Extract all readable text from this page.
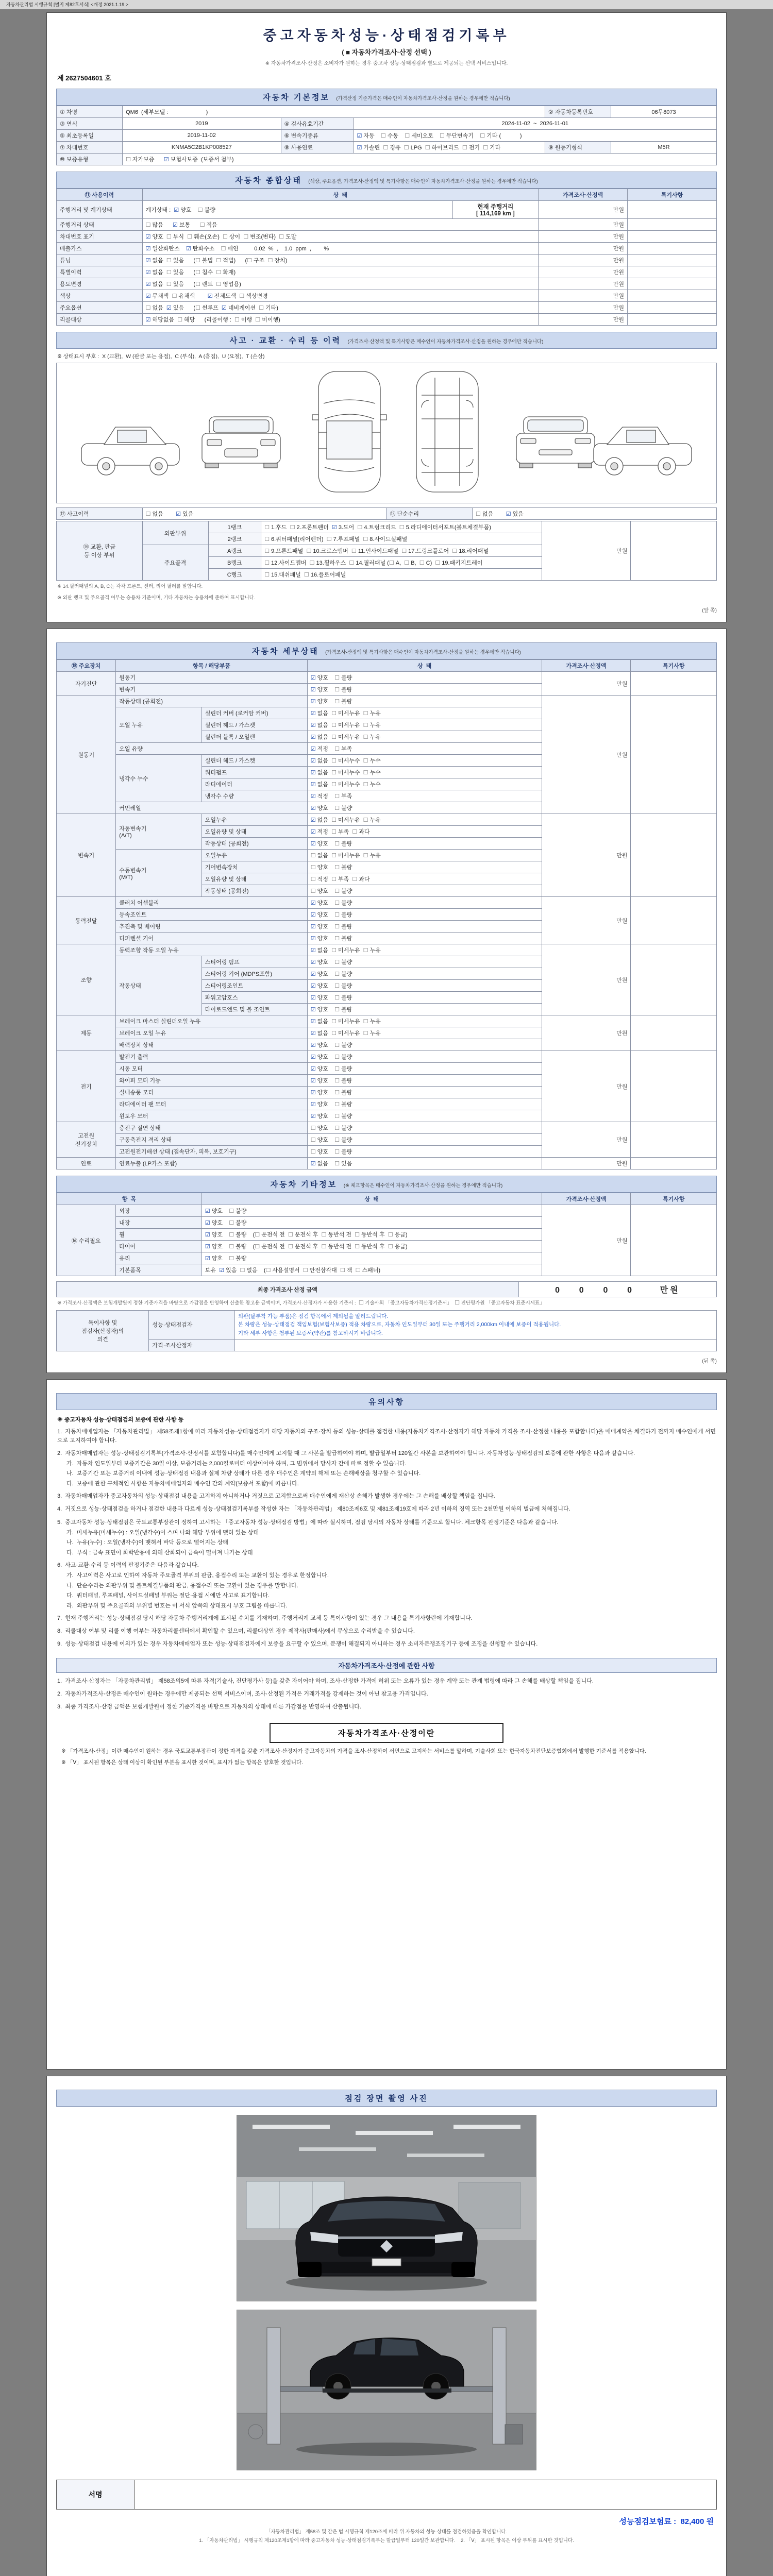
자동차관리법 시행규칙 [별지 제82호서식] <개정 2021.1.19.>
중고자동차성능·상태점검기록부
( ■ 자동차가격조사·산정 선택 )
※ 자동차가격조사·산정은 소비자가 원하는 경우 중고차 성능·상태점검과 별도로 제공되는 선택 서비스입니다.
제 2627504601 호
자동차 기본정보 (가격산정 기준가격은 매수인이 자동차가격조사·산정을 원하는 경우에만 적습니다)
① 차명	QM6  (세부모델 :                        )			② 자동차등록번호	06무8073
③ 연식	2019	④ 검사유효기간	2024-11-02  ~  2026-11-01		
⑤ 최초등록일	2019-11-02	⑥ 변속기종류	☑ 자동    ☐ 수동    ☐ 세미오토    ☐ 무단변속기    ☐ 기타 (            )		
⑦ 차대번호	KNMA5C2B1KP008527	⑧ 사용연료	☑ 가솔린  ☐ 경유  ☐ LPG  ☐ 하이브리드  ☐ 전기  ☐ 기타	⑨ 원동기형식	M5R
⑩ 보증유형	☐ 자가보증      ☑ 보험사보증  (보증서 첨부)				
자동차 종합상태 (색상, 주요옵션, 가격조사·산정액 및 특기사항은 매수인이 자동차가격조사·산정을 원하는 경우에만 적습니다)
⑪ 사용이력	상  태		가격조사·산정액	특기사항
주행거리 및 계기상태	계기상태 :  ☑ 양호    ☐ 불량	현재 주행거리
[ 114,169 km ]	만원	
주행거리 상태	☐ 많음      ☑ 보통      ☐ 적음		만원	
차대번호 표기	☑ 양호  ☐ 부식  ☐ 훼손(오손)  ☐ 상이  ☐ 변조(변타)  ☐ 도말		만원	
배출가스	☑ 일산화탄소    ☑ 탄화수소    ☐ 매연          0.02  %  ,    1.0  ppm  ,        %		만원	
튜닝	☑ 없음  ☐ 있음      (☐ 불법  ☐ 적법)      (☐ 구조  ☐ 장치)		만원	
특별이력	☑ 없음  ☐ 있음      (☐ 침수  ☐ 화재)		만원	
용도변경	☑ 없음  ☐ 있음      (☐ 렌트  ☐ 영업용)		만원	
색상	☑ 무채색  ☐ 유채색        ☑ 전체도색  ☐ 색상변경		만원	
주요옵션	☐ 없음  ☑ 있음      (☐ 썬루프  ☑ 네비게이션  ☐ 기타)		만원	
리콜대상	☑ 해당없음  ☐ 해당      (리콜이행 :  ☐ 이행  ☐ 미이행)		만원	
사고 · 교환 · 수리 등 이력 (가격조사·산정액 및 특기사항은 매수인이 자동차가격조사·산정을 원하는 경우에만 적습니다)
※ 상태표시 부호 :  X (교환),  W (판금 또는 용접),  C (부식),  A (흠집),  U (요철),  T (손상)
⑫ 사고이력	☐ 없음        ☑ 있음	⑬ 단순수리	☐ 없음        ☑ 있음
⑭ 교환, 판금
등 이상 부위	외판부위	1랭크	☐ 1.후드  ☐ 2.프론트펜더  ☑ 3.도어  ☐ 4.트렁크리드  ☐ 5.라디에이터서포트(볼트체결부품)	만원	
		2랭크	☐ 6.쿼터패널(리어펜더)  ☐ 7.루프패널  ☐ 8.사이드실패널		
	주요골격	A랭크	☐ 9.프론트패널  ☐ 10.크로스멤버  ☐ 11.인사이드패널  ☐ 17.트렁크플로어  ☐ 18.리어패널		
		B랭크	☐ 12.사이드멤버  ☐ 13.휠하우스  ☐ 14.필러패널 (☐ A,  ☐ B,  ☐ C)  ☐ 19.패키지트레이		
		C랭크	☐ 15.대쉬패널  ☐ 16.플로어패널		
※ 14.필러패널의 A, B, C는 각각 프론트, 센터, 리어 필러를 말합니다.
※ 외판 랭크 및 주요골격 여부는 승용차 기준이며, 기타 자동차는 승용차에 준하여 표시합니다.
(앞 쪽)
자동차 세부상태 (가격조사·산정액 및 특기사항은 매수인이 자동차가격조사·산정을 원하는 경우에만 적습니다)
⑮ 주요장치	항목 / 해당부품		상  태	가격조사·산정액	특기사항
자기진단	원동기		☑ 양호    ☐ 불량	만원	
	변속기		☑ 양호    ☐ 불량		
원동기	작동상태 (공회전)		☑ 양호    ☐ 불량	만원	
	오일 누유	실린더 커버 (로커암 커버)	☑ 없음  ☐ 미세누유  ☐ 누유		
		실린더 헤드 / 가스켓	☑ 없음  ☐ 미세누유  ☐ 누유		
		실린더 블록 / 오일팬	☑ 없음  ☐ 미세누유  ☐ 누유		
	오일 유량		☑ 적정    ☐ 부족		
	냉각수 누수	실린더 헤드 / 가스켓	☑ 없음  ☐ 미세누수  ☐ 누수		
		워터펌프	☑ 없음  ☐ 미세누수  ☐ 누수		
		라디에이터	☑ 없음  ☐ 미세누수  ☐ 누수		
		냉각수 수량	☑ 적정    ☐ 부족		
	커먼레일		☑ 양호    ☐ 불량		
변속기	자동변속기
(A/T)	오일누유	☑ 없음  ☐ 미세누유  ☐ 누유	만원	
		오일유량 및 상태	☑ 적정  ☐ 부족  ☐ 과다		
		작동상태 (공회전)	☑ 양호    ☐ 불량		
	수동변속기
(M/T)	오일누유	☐ 없음  ☐ 미세누유  ☐ 누유		
		기어변속장치	☐ 양호    ☐ 불량		
		오일유량 및 상태	☐ 적정  ☐ 부족  ☐ 과다		
		작동상태 (공회전)	☐ 양호    ☐ 불량		
동력전달	클러치 어셈블리		☑ 양호    ☐ 불량	만원	
	등속조인트		☑ 양호    ☐ 불량		
	추진축 및 베어링		☑ 양호    ☐ 불량		
	디퍼렌셜 기어		☑ 양호    ☐ 불량		
조향	동력조향 작동 오일 누유		☑ 없음  ☐ 미세누유  ☐ 누유	만원	
	작동상태	스티어링 펌프	☑ 양호    ☐ 불량		
		스티어링 기어 (MDPS포함)	☑ 양호    ☐ 불량		
		스티어링조인트	☑ 양호    ☐ 불량		
		파워고압호스	☑ 양호    ☐ 불량		
		타이로드엔드 및 볼 조인트	☑ 양호    ☐ 불량		
제동	브레이크 마스터 실린더오일 누유		☑ 없음  ☐ 미세누유  ☐ 누유	만원	
	브레이크 오일 누유		☑ 없음  ☐ 미세누유  ☐ 누유		
	배력장치 상태		☑ 양호    ☐ 불량		
전기	발전기 출력		☑ 양호    ☐ 불량	만원	
	시동 모터		☑ 양호    ☐ 불량		
	와이퍼 모터 기능		☑ 양호    ☐ 불량		
	실내송풍 모터		☑ 양호    ☐ 불량		
	라디에이터 팬 모터		☑ 양호    ☐ 불량		
	윈도우 모터		☑ 양호    ☐ 불량		
고전원
전기장치	충전구 절연 상태		☐ 양호    ☐ 불량	만원	
	구동축전지 격리 상태		☐ 양호    ☐ 불량		
	고전원전기배선 상태 (접속단자, 피복, 보호기구)		☐ 양호    ☐ 불량		
연료	연료누출 (LP가스 포함)		☑ 없음    ☐ 있음	만원	
자동차 기타정보 (※ 체크항목은 매수인이 자동차가격조사·산정을 원하는 경우에만 적습니다)
항  목		상  태	가격조사·산정액	특기사항
⑯ 수리필요	외장	☑ 양호    ☐ 불량	만원	
	내장	☑ 양호    ☐ 불량		
	휠	☑ 양호    ☐ 불량    (☐ 운전석 전  ☐ 운전석 후  ☐ 동반석 전  ☐ 동반석 후  ☐ 응급)		
	타이어	☑ 양호    ☐ 불량    (☐ 운전석 전  ☐ 운전석 후  ☐ 동반석 전  ☐ 동반석 후  ☐ 응급)		
	유리	☑ 양호    ☐ 불량		
	기본품목	보유  ☑ 있음  ☐ 없음    (☐ 사용설명서  ☐ 안전삼각대  ☐ 잭  ☐ 스패너)		
최종 가격조사·산정 금액	0    0    0    0      만원
※ 가격조사·산정액은 보험개발원이 정한 기준가격을 바탕으로 가감점을 반영하여 산출한 참고용 금액이며, 가격조사·산정자가 사용한 기준서 :  ☐ 기술사회 「중고자동차가격산정기준서」  ☐ 진단평가원 「중고자동차 표준시세표」
특이사항 및
점검자(산정자)의
의견	성능·상태점검자	외판(탈부착 가능 부품)은 점검 항목에서 제외됨을 알려드립니다.
본 차량은 성능·상태점검 책임보험(보험사보증) 적용 차량으로, 자동차 인도일부터 30일 또는 주행거리 2,000km 이내에 보증이 적용됩니다.
기타 세부 사항은 첨부된 보증서(약관)를 참고하시기 바랍니다.
	가격·조사산정자	
(뒤 쪽)
유의사항
※ 중고자동차 성능·상태점검의 보증에 관한 사항 등
1.  자동차매매업자는 「자동차관리법」 제58조제1항에 따라 자동차성능·상태점검자가 해당 자동차의 구조·장치 등의 성능·상태를 점검한 내용(자동차가격조사·산정자가 해당 자동차 가격을 조사·산정한 내용을 포함합니다)을 매매계약을 체결하기 전까지 매수인에게 서면으로 고지하여야 합니다.
2.  자동차매매업자는 성능·상태점검기록부(가격조사·산정서를 포함합니다)를 매수인에게 고지할 때 그 사본을 발급하여야 하며, 발급일부터 120일간 사본을 보관하여야 합니다. 자동차성능·상태점검의 보증에 관한 사항은 다음과 같습니다.
가.  자동차 인도일부터 보증기간은 30일 이상, 보증거리는 2,000킬로미터 이상이어야 하며, 그 범위에서 당사자 간에 따로 정할 수 있습니다.
나.  보증기간 또는 보증거리 이내에 성능·상태점검 내용과 실제 차량 상태가 다른 경우 매수인은 계약의 해제 또는 손해배상을 청구할 수 있습니다.
다.  보증에 관한 구체적인 사항은 자동차매매업자와 매수인 간의 계약(보증서 포함)에 따릅니다.
3.  자동차매매업자가 중고자동차의 성능·상태점검 내용을 고지하지 아니하거나 거짓으로 고지함으로써 매수인에게 재산상 손해가 발생한 경우에는 그 손해를 배상할 책임을 집니다.
4.  거짓으로 성능·상태점검을 하거나 점검한 내용과 다르게 성능·상태점검기록부를 작성한 자는 「자동차관리법」 제80조제6호 및 제81조제19호에 따라 2년 이하의 징역 또는 2천만원 이하의 벌금에 처해집니다.
5.  중고자동차 성능·상태점검은 국토교통부장관이 정하여 고시하는 「중고자동차 성능·상태점검 방법」에 따라 실시하며, 점검 당시의 자동차 상태를 기준으로 합니다. 체크항목 판정기준은 다음과 같습니다.
가.  미세누유(미세누수) : 오일(냉각수)이 스며 나와 해당 부위에 맺혀 있는 상태
나.  누유(누수) : 오일(냉각수)이 맺혀서 바닥 등으로 떨어지는 상태
다.  부식 : 금속 표면이 화학반응에 의해 산화되어 금속이 떨어져 나가는 상태
6.  사고·교환·수리 등 이력의 판정기준은 다음과 같습니다.
가.  사고이력은 사고로 인하여 자동차 주요골격 부위의 판금, 용접수리 또는 교환이 있는 경우로 한정합니다.
나.  단순수리는 외판부위 및 볼트체결부품의 판금, 용접수리 또는 교환이 있는 경우를 말합니다.
다.  쿼터패널, 루프패널, 사이드실패널 부위는 절단·용접 시에만 사고로 표기합니다.
라.  외판부위 및 주요골격의 부위별 번호는 이 서식 앞쪽의 상태표시 부호 그림을 따릅니다.
7.  현재 주행거리는 성능·상태점검 당시 해당 자동차 주행거리계에 표시된 수치를 기재하며, 주행거리계 교체 등 특이사항이 있는 경우 그 내용을 특기사항란에 기재합니다.
8.  리콜대상 여부 및 리콜 이행 여부는 자동차리콜센터에서 확인할 수 있으며, 리콜대상인 경우 제작사(판매사)에서 무상으로 수리받을 수 있습니다.
9.  성능·상태점검 내용에 이의가 있는 경우 자동차매매업자 또는 성능·상태점검자에게 보증을 요구할 수 있으며, 분쟁이 해결되지 아니하는 경우 소비자분쟁조정기구 등에 조정을 신청할 수 있습니다.
자동차가격조사·산정에 관한 사항
1.  가격조사·산정자는 「자동차관리법」 제58조의5에 따른 자격(기술사, 진단평가사 등)을 갖춘 자이어야 하며, 조사·산정한 가격에 허위 또는 오류가 있는 경우 계약 또는 관계 법령에 따라 그 손해를 배상할 책임을 집니다.
2.  자동차가격조사·산정은 매수인이 원하는 경우에만 제공되는 선택 서비스이며, 조사·산정된 가격은 거래가격을 강제하는 것이 아닌 참고용 가격입니다.
3.  최종 가격조사·산정 금액은 보험개발원이 정한 기준가격을 바탕으로 자동차의 상태에 따른 가감점을 반영하여 산출됩니다.
자동차가격조사·산정이란
※ 「가격조사·산정」이란 매수인이 원하는 경우 국토교통부장관이 정한 자격을 갖춘 가격조사·산정자가 중고자동차의 가격을 조사·산정하여 서면으로 고지하는 서비스를 말하며, 기술사회 또는 한국자동차진단보증협회에서 발행한 기준서를 적용합니다.
※ 「Ⅴ」 표시된 항목은 상태 이상이 확인된 부분을 표시한 것이며, 표시가 없는 항목은 양호한 것입니다.
점검 장면 촬영 사진
서명
성능점검보험료 :  82,400 원
「자동차관리법」 제58조 및 같은 법 시행규칙 제120조에 따라 위 자동차의 성능·상태를 점검하였음을 확인합니다.
1. 「자동차관리법」 시행규칙 제120조제1항에 따라 중고자동차 성능·상태점검기록부는 발급일부터 120일간 보관합니다.    2. 「Ⅴ」 표시된 항목은 이상 부위를 표시한 것입니다.
